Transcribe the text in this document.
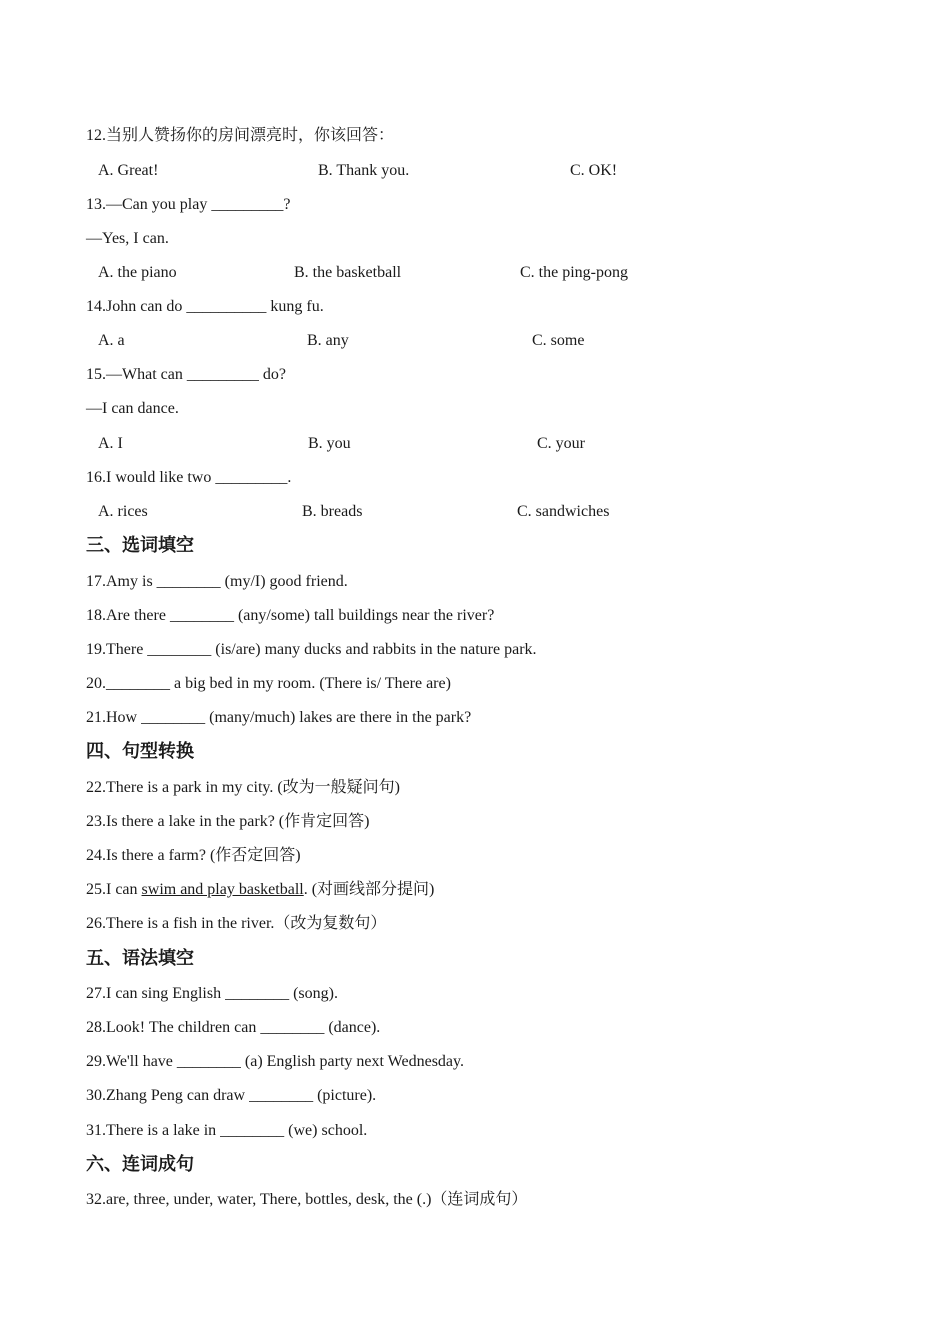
12.当别人赞扬你的房间漂亮时，你该回答：
A. Great!	B. Thank you.	C. OK!
13.—Can you play _________?
—Yes, I can.
A. the piano	B. the basketball	C. the ping-pong
14.John can do __________ kung fu.
A. a	B. any	C. some
15.—What can _________ do?
—I can dance.
A. I	B. you	C. your
16.I would like two _________.
A. rices	B. breads	C. sandwiches
三、选词填空
17.Amy is ________ (my/I) good friend.
18.Are there ________ (any/some) tall buildings near the river?
19.There ________ (is/are) many ducks and rabbits in the nature park.
20.________ a big bed in my room. (There is/ There are)
21.How ________ (many/much) lakes are there in the park?
四、句型转换
22.There is a park in my city. (改为一般疑问句)
23.Is there a lake in the park? (作肯定回答)
24.Is there a farm? (作否定回答)
25.I can swim and play basketball. (对画线部分提问)
26.There is a fish in the river.（改为复数句）
五、语法填空
27.I can sing English ________ (song).
28.Look! The children can ________ (dance).
29.We'll have ________ (a) English party next Wednesday.
30.Zhang Peng can draw ________ (picture).
31.There is a lake in ________ (we) school.
六、连词成句
32.are, three, under, water, There, bottles, desk, the (.)（连词成句）
